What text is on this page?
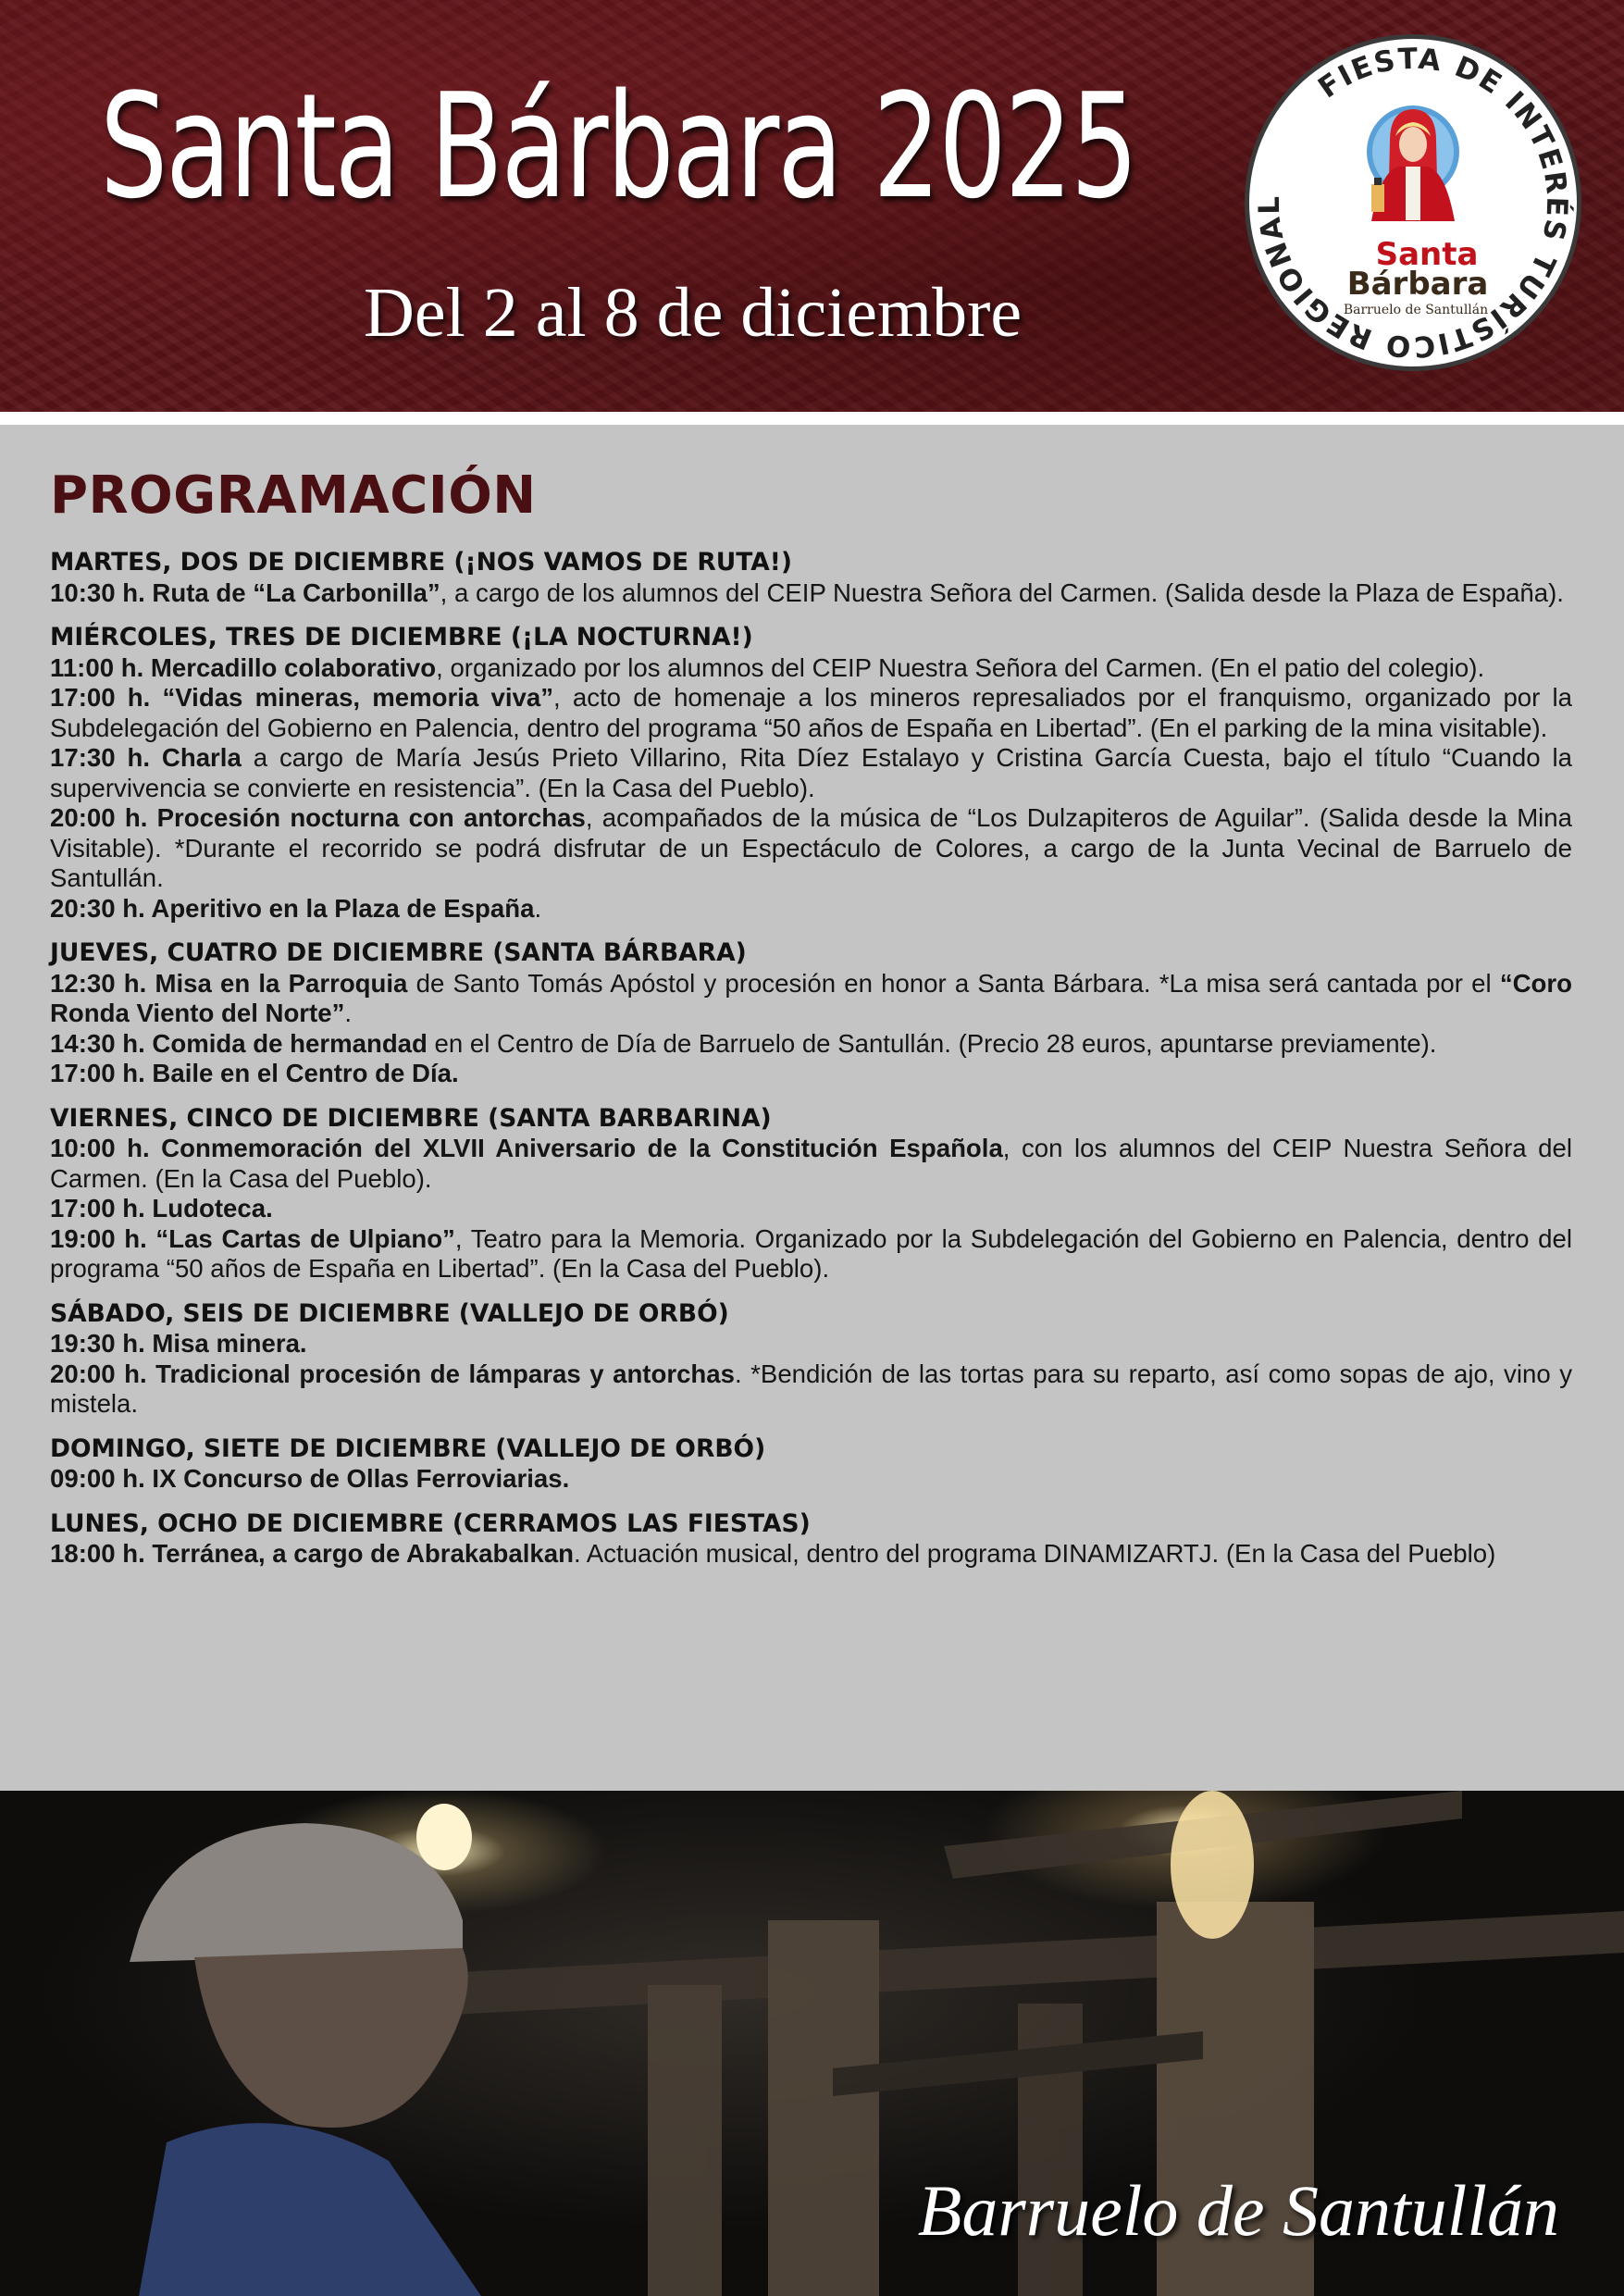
Santa Bárbara 2025

Del 2 al 8 de diciembre

FIESTA DE INTERÉS TURÍSTICO REGIONAL
Santa
Bárbara
Barruelo de Santullán
PROGRAMACIÓN
MARTES, DOS DE DICIEMBRE (¡NOS VAMOS DE RUTA!)
10:30 h. Ruta de “La Carbonilla”, a cargo de los alumnos del CEIP Nuestra Señora del Carmen. (Salida desde la Plaza de España).
MIÉRCOLES, TRES DE DICIEMBRE (¡LA NOCTURNA!)
11:00 h. Mercadillo colaborativo, organizado por los alumnos del CEIP Nuestra Señora del Carmen. (En el patio del colegio).
17:00 h. “Vidas mineras, memoria viva”, acto de homenaje a los mineros represaliados por el franquismo, organizado por la Subdelegación del Gobierno en Palencia, dentro del programa “50 años de España en Libertad”. (En el parking de la mina visitable).
17:30 h. Charla a cargo de María Jesús Prieto Villarino, Rita Díez Estalayo y Cristina García Cuesta, bajo el título “Cuando la supervivencia se convierte en resistencia”. (En la Casa del Pueblo).
20:00 h. Procesión nocturna con antorchas, acompañados de la música de “Los Dulzapiteros de Aguilar”. (Salida desde la Mina Visitable). *Durante el recorrido se podrá disfrutar de un Espectáculo de Colores, a cargo de la Junta Vecinal de Barruelo de Santullán.
20:30 h. Aperitivo en la Plaza de España.
JUEVES, CUATRO DE DICIEMBRE (SANTA BÁRBARA)
12:30 h. Misa en la Parroquia de Santo Tomás Apóstol y procesión en honor a Santa Bárbara. *La misa será cantada por el “Coro Ronda Viento del Norte”.
14:30 h. Comida de hermandad en el Centro de Día de Barruelo de Santullán. (Precio 28 euros, apuntarse previamente).
17:00 h. Baile en el Centro de Día.
VIERNES, CINCO DE DICIEMBRE (SANTA BARBARINA)
10:00 h. Conmemoración del XLVII Aniversario de la Constitución Española, con los alumnos del CEIP Nuestra Señora del Carmen. (En la Casa del Pueblo).
17:00 h. Ludoteca.
19:00 h. “Las Cartas de Ulpiano”, Teatro para la Memoria. Organizado por la Subdelegación del Gobierno en Palencia, dentro del programa “50 años de España en Libertad”. (En la Casa del Pueblo).
SÁBADO, SEIS DE DICIEMBRE (VALLEJO DE ORBÓ)
19:30 h. Misa minera.
20:00 h. Tradicional procesión de lámparas y antorchas. *Bendición de las tortas para su reparto, así como sopas de ajo, vino y mistela.
DOMINGO, SIETE DE DICIEMBRE (VALLEJO DE ORBÓ)
09:00 h. IX Concurso de Ollas Ferroviarias.
LUNES, OCHO DE DICIEMBRE (CERRAMOS LAS FIESTAS)
18:00 h. Terránea, a cargo de Abrakabalkan. Actuación musical, dentro del programa DINAMIZARTJ. (En la Casa del Pueblo)

Barruelo de Santullán
